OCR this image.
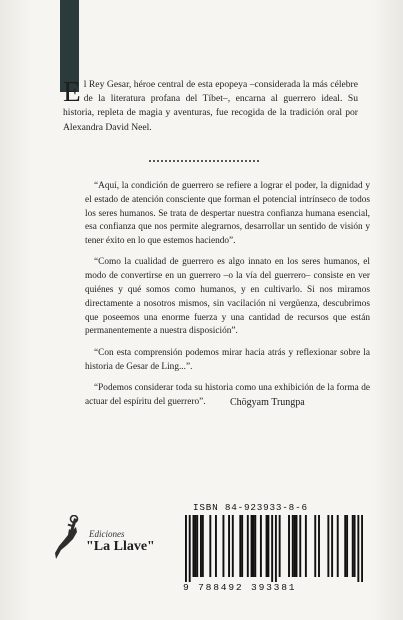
El Rey Gesar, héroe central de esta epopeya –considerada la más célebre de la literatura profana del Tíbet–, encarna al guerrero ideal. Su historia, repleta de magia y aventuras, fue recogida de la tradición oral por Alexandra David Neel.

“Aquí, la condición de guerrero se refiere a lograr el poder, la dignidad y el estado de atención consciente que forman el potencial intrínseco de todos los seres humanos. Se trata de despertar nuestra confianza humana esencial, esa confianza que nos permite alegrarnos, desarrollar un sentido de visión y tener éxito en lo que estemos haciendo”.

“Como la cualidad de guerrero es algo innato en los seres humanos, el modo de convertirse en un guerrero –o la vía del guerrero– consiste en ver quiénes y qué somos como humanos, y en cultivarlo. Si nos miramos directamente a nosotros mismos, sin vacilación ni vergüenza, descubrimos que poseemos una enorme fuerza y una cantidad de recursos que están permanentemente a nuestra disposición”.

“Con esta comprensión podemos mirar hacia atrás y reflexionar sobre la historia de Gesar de Ling...”.

“Podemos considerar toda su historia como una exhibición de la forma de actuar del espíritu del guerrero”.	Chögyam Trungpa
Ediciones
"La Llave"
ISBN 84-923933-8-6
9 788492 393381
